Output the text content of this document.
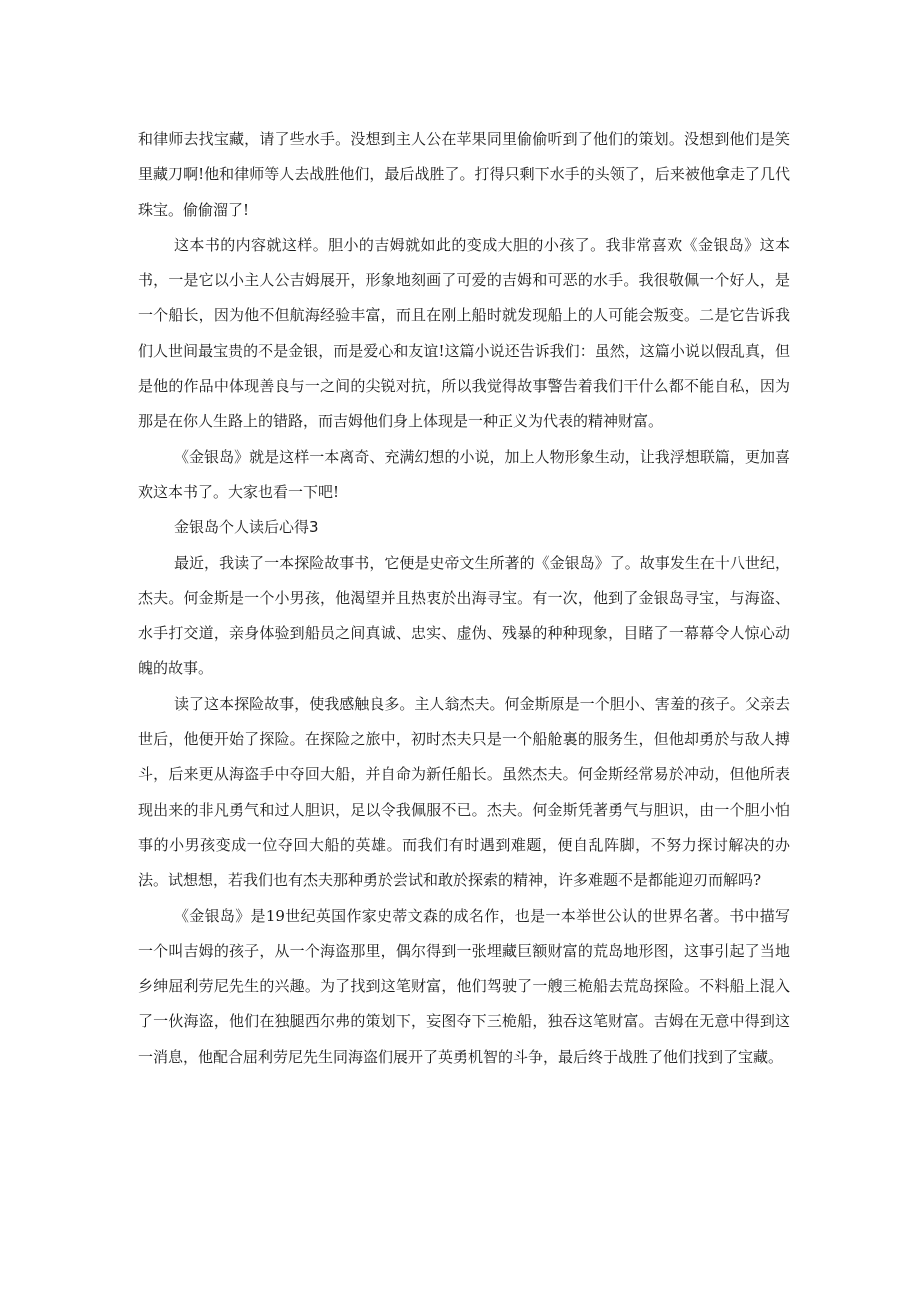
和律师去找宝藏，请了些水手。没想到主人公在苹果同里偷偷听到了他们的策划。没想到他们是笑里藏刀啊!他和律师等人去战胜他们，最后战胜了。打得只剩下水手的头领了，后来被他拿走了几代珠宝。偷偷溜了!

这本书的内容就这样。胆小的吉姆就如此的变成大胆的小孩了。我非常喜欢《金银岛》这本书，一是它以小主人公吉姆展开，形象地刻画了可爱的吉姆和可恶的水手。我很敬佩一个好人，是一个船长，因为他不但航海经验丰富，而且在刚上船时就发现船上的人可能会叛变。二是它告诉我们人世间最宝贵的不是金银，而是爱心和友谊!这篇小说还告诉我们：虽然，这篇小说以假乱真，但是他的作品中体现善良与一之间的尖锐对抗，所以我觉得故事警告着我们干什么都不能自私，因为那是在你人生路上的错路，而吉姆他们身上体现是一种正义为代表的精神财富。

《金银岛》就是这样一本离奇、充满幻想的小说，加上人物形象生动，让我浮想联篇，更加喜欢这本书了。大家也看一下吧!

金银岛个人读后心得3

最近，我读了一本探险故事书，它便是史帝文生所著的《金银岛》了。故事发生在十八世纪，杰夫。何金斯是一个小男孩，他渴望并且热衷於出海寻宝。有一次，他到了金银岛寻宝，与海盗、水手打交道，亲身体验到船员之间真诚、忠实、虚伪、残暴的种种现象，目睹了一幕幕令人惊心动魄的故事。

读了这本探险故事，使我感触良多。主人翁杰夫。何金斯原是一个胆小、害羞的孩子。父亲去世后，他便开始了探险。在探险之旅中，初时杰夫只是一个船舱裏的服务生，但他却勇於与敌人搏斗，后来更从海盗手中夺回大船，并自命为新任船长。虽然杰夫。何金斯经常易於冲动，但他所表现出来的非凡勇气和过人胆识，足以令我佩服不已。杰夫。何金斯凭著勇气与胆识，由一个胆小怕事的小男孩变成一位夺回大船的英雄。而我们有时遇到难题，便自乱阵脚，不努力探讨解决的办法。试想想，若我们也有杰夫那种勇於尝试和敢於探索的精神，许多难题不是都能迎刃而解吗?

《金银岛》是19世纪英国作家史蒂文森的成名作，也是一本举世公认的世界名著。书中描写一个叫吉姆的孩子，从一个海盗那里，偶尔得到一张埋藏巨额财富的荒岛地形图，这事引起了当地乡绅屈利劳尼先生的兴趣。为了找到这笔财富，他们驾驶了一艘三桅船去荒岛探险。不料船上混入了一伙海盗，他们在独腿西尔弗的策划下，妄图夺下三桅船，独吞这笔财富。吉姆在无意中得到这一消息，他配合屈利劳尼先生同海盗们展开了英勇机智的斗争，最后终于战胜了他们找到了宝藏。
